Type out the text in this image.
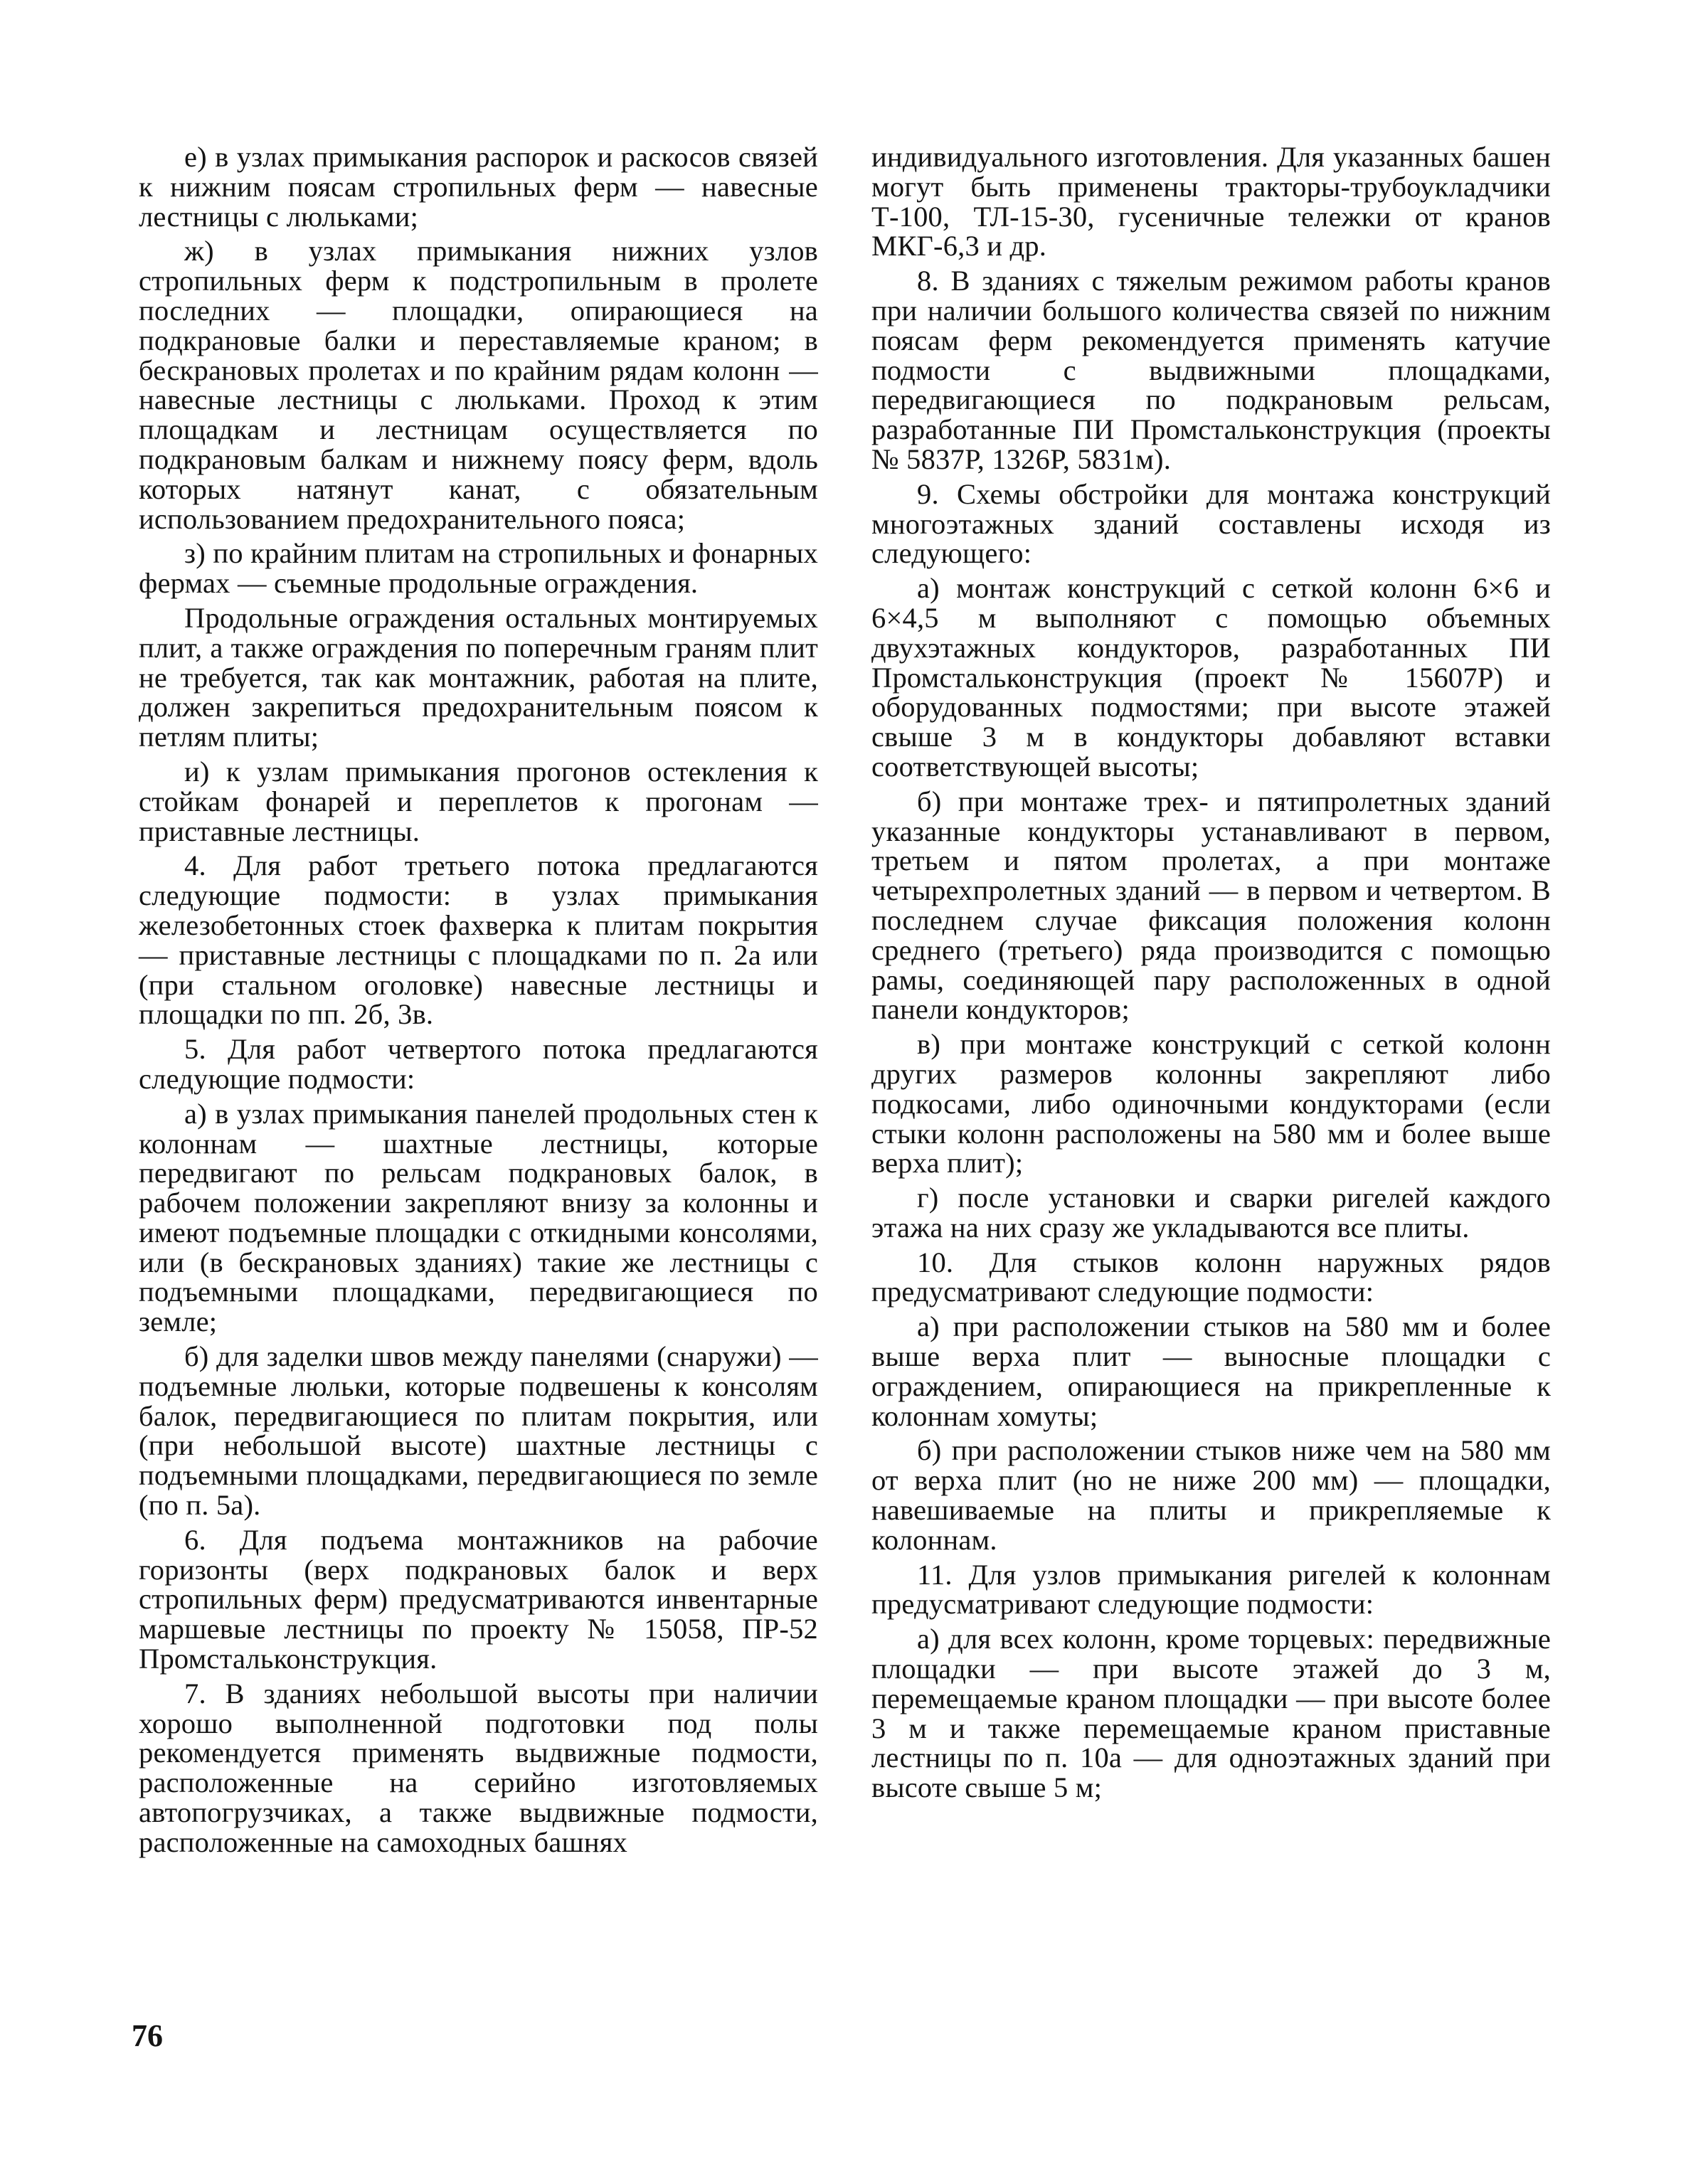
е) в узлах примыкания распорок и раскосов связей к нижним поясам стропильных ферм — навесные лестницы с люльками;

ж) в узлах примыкания нижних узлов стропильных ферм к подстропильным в пролете последних — площадки, опирающиеся на подкрановые балки и переставляемые краном; в бескрановых пролетах и по крайним рядам колонн — навесные лестницы с люльками. Проход к этим площадкам и лестницам осуществляется по подкрановым балкам и нижнему поясу ферм, вдоль которых натянут канат, с обязательным использованием предохранительного пояса;

з) по крайним плитам на стропильных и фонарных фермах — съемные продольные ограждения.

Продольные ограждения остальных монтируемых плит, а также ограждения по поперечным граням плит не требуется, так как монтажник, работая на плите, должен закрепиться предохранительным поясом к петлям плиты;

и) к узлам примыкания прогонов остекления к стойкам фонарей и переплетов к прогонам — приставные лестницы.

4. Для работ третьего потока предлагаются следующие подмости: в узлах примыкания железобетонных стоек фахверка к плитам покрытия — приставные лестницы с площадками по п. 2а или (при стальном оголовке) навесные лестницы и площадки по пп. 2б, 3в.

5. Для работ четвертого потока предлагаются следующие подмости:

а) в узлах примыкания панелей продольных стен к колоннам — шахтные лестницы, которые передвигают по рельсам подкрановых балок, в рабочем положении закрепляют внизу за колонны и имеют подъемные площадки с откидными консолями, или (в бескрановых зданиях) такие же лестницы с подъемными площадками, передвигающиеся по земле;

б) для заделки швов между панелями (снаружи) — подъемные люльки, которые подвешены к консолям балок, передвигающиеся по плитам покрытия, или (при небольшой высоте) шахтные лестницы с подъемными площадками, передвигающиеся по земле (по п. 5а).

6. Для подъема монтажников на рабочие горизонты (верх подкрановых балок и верх стропильных ферм) предусматриваются инвентарные маршевые лестницы по проекту № 15058, ПР-52 Промстальконструкция.

7. В зданиях небольшой высоты при наличии хорошо выполненной подготовки под полы рекомендуется применять выдвижные подмости, расположенные на серийно изготовляемых автопогрузчиках, а также выдвижные подмости, расположенные на самоходных башнях

индивидуального изготовления. Для указанных башен могут быть применены тракторы-трубоукладчики Т-100, ТЛ-15-30, гусеничные тележки от кранов МКГ-6,3 и др.

8. В зданиях с тяжелым режимом работы кранов при наличии большого количества связей по нижним поясам ферм рекомендуется применять катучие подмости с выдвижными площадками, передвигающиеся по подкрановым рельсам, разработанные ПИ Промстальконструкция (проекты № 5837Р, 1326Р, 5831м).

9. Схемы обстройки для монтажа конструкций многоэтажных зданий составлены исходя из следующего:

а) монтаж конструкций с сеткой колонн 6×6 и 6×4,5 м выполняют с помощью объемных двухэтажных кондукторов, разработанных ПИ Промстальконструкция (проект № 15607Р) и оборудованных подмостями; при высоте этажей свыше 3 м в кондукторы добавляют вставки соответствующей высоты;

б) при монтаже трех- и пятипролетных зданий указанные кондукторы устанавливают в первом, третьем и пятом пролетах, а при монтаже четырехпролетных зданий — в первом и четвертом. В последнем случае фиксация положения колонн среднего (третьего) ряда производится с помощью рамы, соединяющей пару расположенных в одной панели кондукторов;

в) при монтаже конструкций с сеткой колонн других размеров колонны закрепляют либо подкосами, либо одиночными кондукторами (если стыки колонн расположены на 580 мм и более выше верха плит);

г) после установки и сварки ригелей каждого этажа на них сразу же укладываются все плиты.

10. Для стыков колонн наружных рядов предусматривают следующие подмости:

а) при расположении стыков на 580 мм и более выше верха плит — выносные площадки с ограждением, опирающиеся на прикрепленные к колоннам хомуты;

б) при расположении стыков ниже чем на 580 мм от верха плит (но не ниже 200 мм) — площадки, навешиваемые на плиты и прикрепляемые к колоннам.

11. Для узлов примыкания ригелей к колоннам предусматривают следующие подмости:

а) для всех колонн, кроме торцевых: передвижные площадки — при высоте этажей до 3 м, перемещаемые краном площадки — при высоте более 3 м и также перемещаемые краном приставные лестницы по п. 10а — для одноэтажных зданий при высоте свыше 5 м;

76
